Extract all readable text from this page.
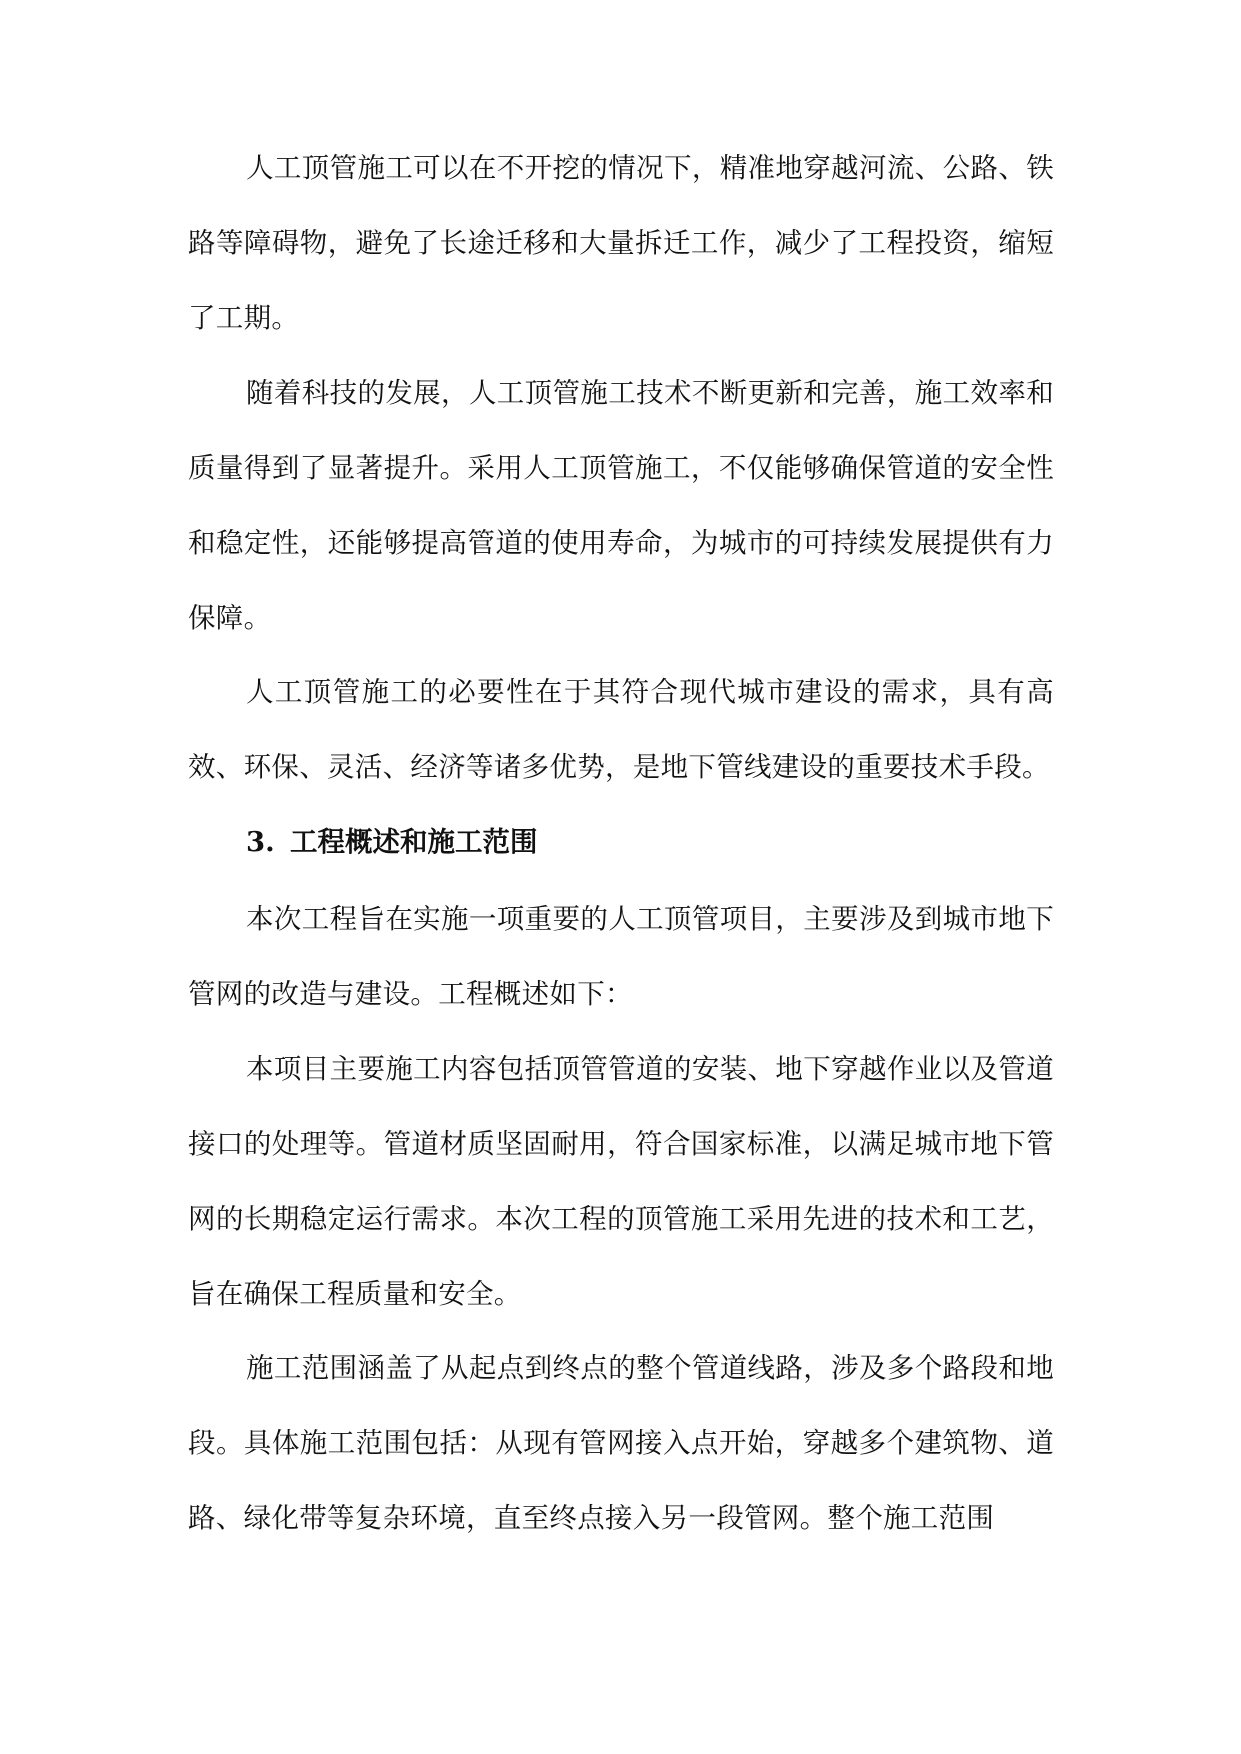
人工顶管施工可以在不开挖的情况下，精准地穿越河流、公路、铁路等障碍物，避免了长途迁移和大量拆迁工作，减少了工程投资，缩短了工期。

随着科技的发展，人工顶管施工技术不断更新和完善，施工效率和质量得到了显著提升。采用人工顶管施工，不仅能够确保管道的安全性和稳定性，还能够提高管道的使用寿命，为城市的可持续发展提供有力保障。

人工顶管施工的必要性在于其符合现代城市建设的需求，具有高效、环保、灵活、经济等诸多优势，是地下管线建设的重要技术手段。

3. 工程概述和施工范围

本次工程旨在实施一项重要的人工顶管项目，主要涉及到城市地下管网的改造与建设。工程概述如下：

本项目主要施工内容包括顶管管道的安装、地下穿越作业以及管道接口的处理等。管道材质坚固耐用，符合国家标准，以满足城市地下管网的长期稳定运行需求。本次工程的顶管施工采用先进的技术和工艺，旨在确保工程质量和安全。

施工范围涵盖了从起点到终点的整个管道线路，涉及多个路段和地段。具体施工范围包括：从现有管网接入点开始，穿越多个建筑物、道路、绿化带等复杂环境，直至终点接入另一段管网。整个施工范围
